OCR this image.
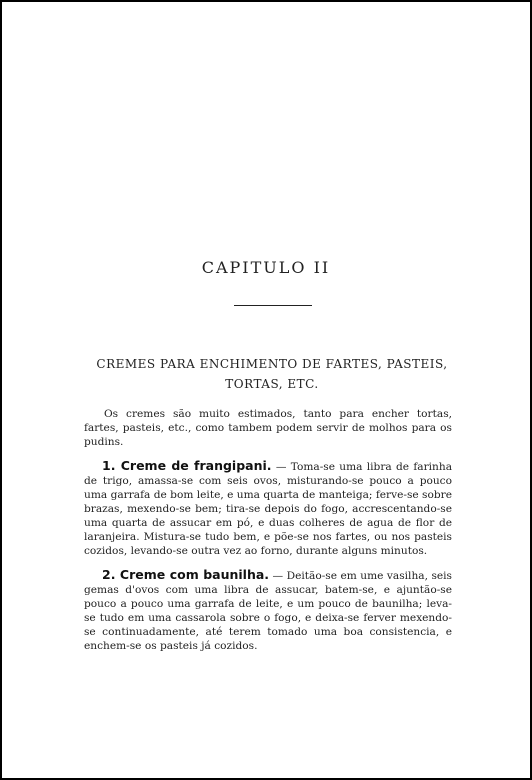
CAPITULO II
CREMES PARA ENCHIMENTO DE FARTES, PASTEIS,
TORTAS, ETC.

Os cremes são muito estimados, tanto para encher tortas, fartes, pasteis, etc., como tambem podem servir de molhos para os pudins.

1. Creme de frangipani. — Toma-se uma libra de farinha de trigo, amassa-se com seis ovos, misturando-se pouco a pouco uma garrafa de bom leite, e uma quarta de manteiga; ferve-se sobre brazas, mexendo-se bem; tira-se depois do fogo, accrescentando-se uma quarta de assucar em pó, e duas colheres de agua de flor de laranjeira. Mistura-se tudo bem, e põe-se nos fartes, ou nos pasteis cozidos, levando-se outra vez ao forno, durante alguns minutos.

2. Creme com baunilha. — Deitão-se em ume vasilha, seis gemas d'ovos com uma libra de assucar, batem-se, e ajuntão-se pouco a pouco uma garrafa de leite, e um pouco de baunilha; leva-se tudo em uma cassarola sobre o fogo, e deixa-se ferver mexendo-se continuadamente, até terem tomado uma boa consistencia, e enchem-se os pasteis já cozidos.
